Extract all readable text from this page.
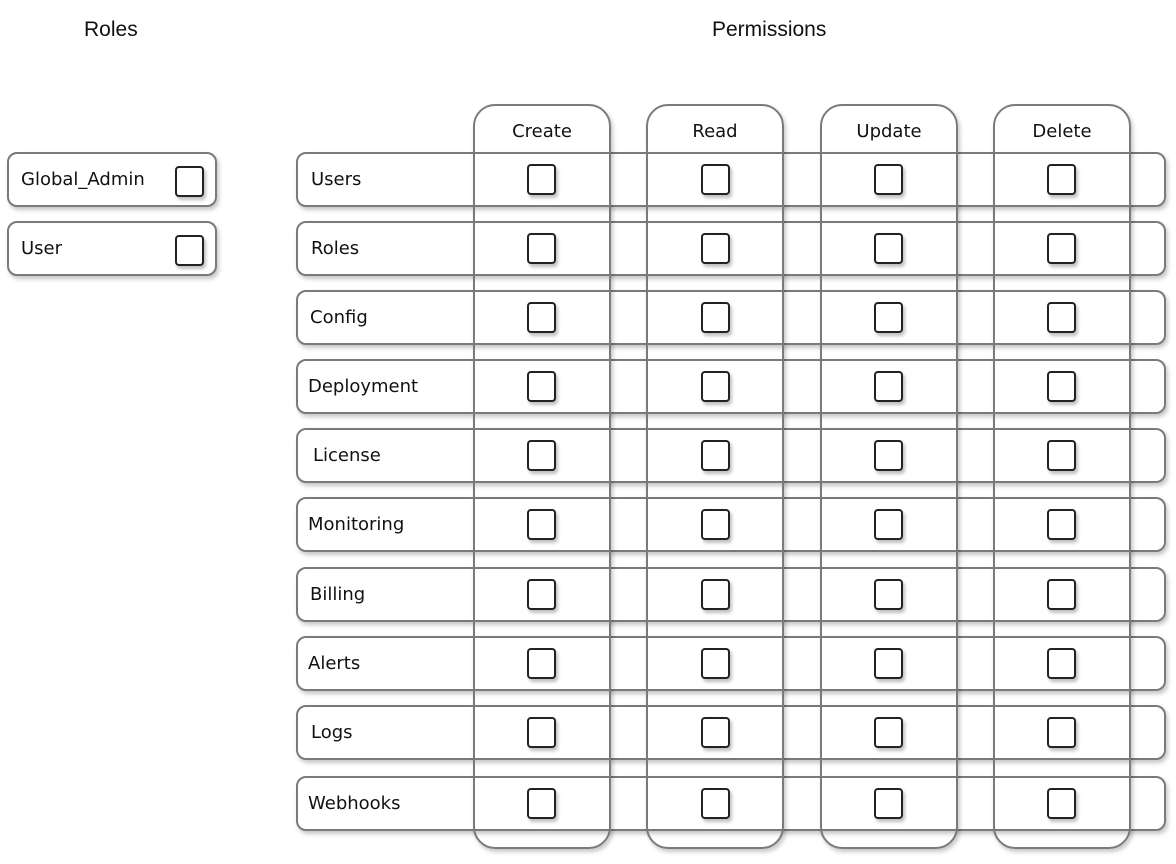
Roles	Permissions
Global_Admin
User
Create	Read	Update	Delete
Users
Roles
Config
Deployment
License
Monitoring
Billing
Alerts
Logs
Webhooks
